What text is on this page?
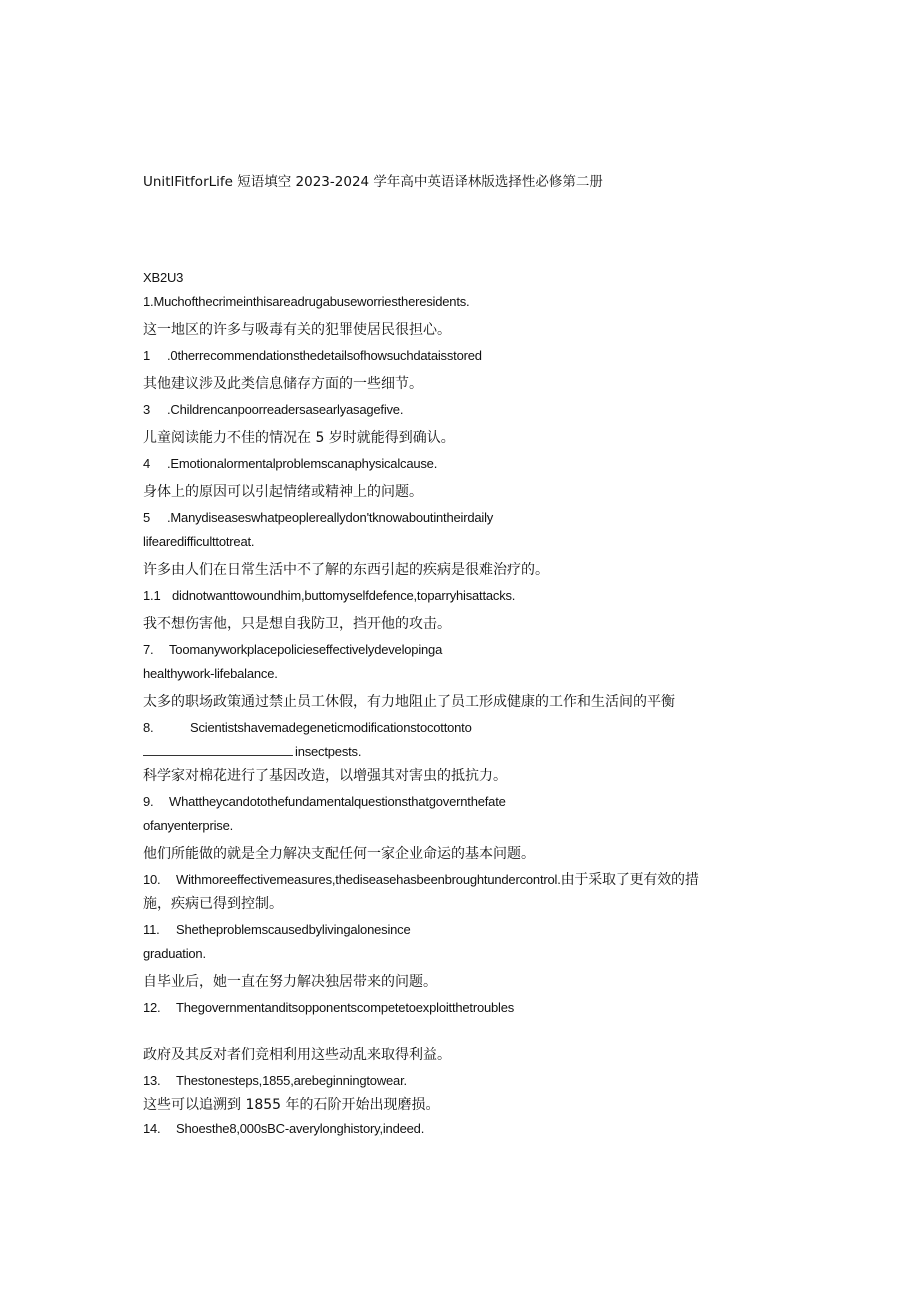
UnitlFitforLife 短语填空 2023-2024 学年高中英语译林版选择性必修第二册
XB2U3
1.Muchofthecrimeinthisareadrugabuseworriestheresidents.
这一地区的许多与吸毒有关的犯罪使居民很担心。
1 .0therrecommendationsthedetailsofhowsuchdataisstored
其他建议涉及此类信息储存方面的一些细节。
3 .Childrencanpoorreadersasearlyasagefive.
儿童阅读能力不佳的情况在 5 岁时就能得到确认。
4 .Emotionalormentalproblemscanaphysicalcause.
身体上的原因可以引起情绪或精神上的问题。
5 .Manydiseaseswhatpeoplereallydon'tknowaboutintheirdaily
lifearedifficulttotreat.
许多由人们在日常生活中不了解的东西引起的疾病是很难治疗的。
1.1 didnotwanttowoundhim,buttomyselfdefence,toparryhisattacks.
我不想伤害他，只是想自我防卫，挡开他的攻击。
7. Toomanyworkplacepolicieseffectivelydevelopinga
healthywork-lifebalance.
太多的职场政策通过禁止员工休假，有力地阻止了员工形成健康的工作和生活间的平衡
8.	Scientistshavemadegeneticmodificationstocottonto
insectpests.
科学家对棉花进行了基因改造，以增强其对害虫的抵抗力。
9. Whattheycandotothefundamentalquestionsthatgovernthefate
ofanyenterprise.
他们所能做的就是全力解决支配任何一家企业命运的基本问题。
10. Withmoreeffectivemeasures,thediseasehasbeenbroughtundercontrol.由于采取了更有效的措
施，疾病已得到控制。
11. Shetheproblemscausedbylivingalonesince
graduation.
自毕业后，她一直在努力解决独居带来的问题。
12. Thegovernmentanditsopponentscompetetoexploitthetroubles
政府及其反对者们竞相利用这些动乱来取得利益。
13. Thestonesteps,1855,arebeginningtowear.
这些可以追溯到 1855 年的石阶开始出现磨损。
14. Shoesthe8,000sBC-averylonghistory,indeed.
